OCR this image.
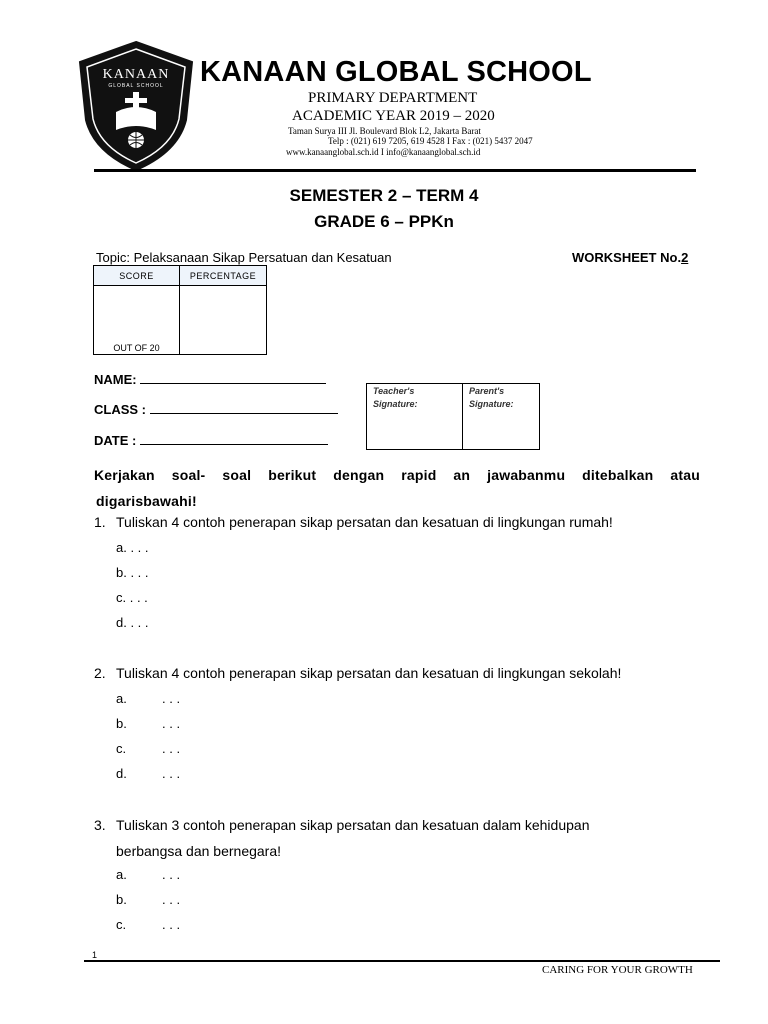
KANAAN
GLOBAL SCHOOL KANAAN GLOBAL SCHOOL
PRIMARY DEPARTMENT
ACADEMIC YEAR 2019 – 2020
Taman Surya III Jl. Boulevard Blok L2, Jakarta Barat
Telp : (021) 619 7205, 619 4528 I Fax : (021) 5437 2047
www.kanaanglobal.sch.id I info@kanaanglobal.sch.id
SEMESTER 2 – TERM 4
GRADE 6 – PPKn
Topic: Pelaksanaan Sikap Persatuan dan Kesatuan	WORKSHEET No.2
SCORE	PERCENTAGE
OUT OF 20	
NAME:
CLASS :
DATE :
Teacher's Signature:	Parent's Signature:
Kerjakan soal- soal berikut dengan rapid an jawabanmu ditebalkan atau
digarisbawahi!
1. Tuliskan 4 contoh penerapan sikap persatan dan kesatuan di lingkungan rumah!
a. . . .
b. . . .
c. . . .
d. . . .
2. Tuliskan 4 contoh penerapan sikap persatan dan kesatuan di lingkungan sekolah!
a.	. . .
b.	. . .
c.	. . .
d.	. . .
3. Tuliskan 3 contoh penerapan sikap persatan dan kesatuan dalam kehidupan
berbangsa dan bernegara!
a.	. . .
b.	. . .
c.	. . .
1
CARING FOR YOUR GROWTH
